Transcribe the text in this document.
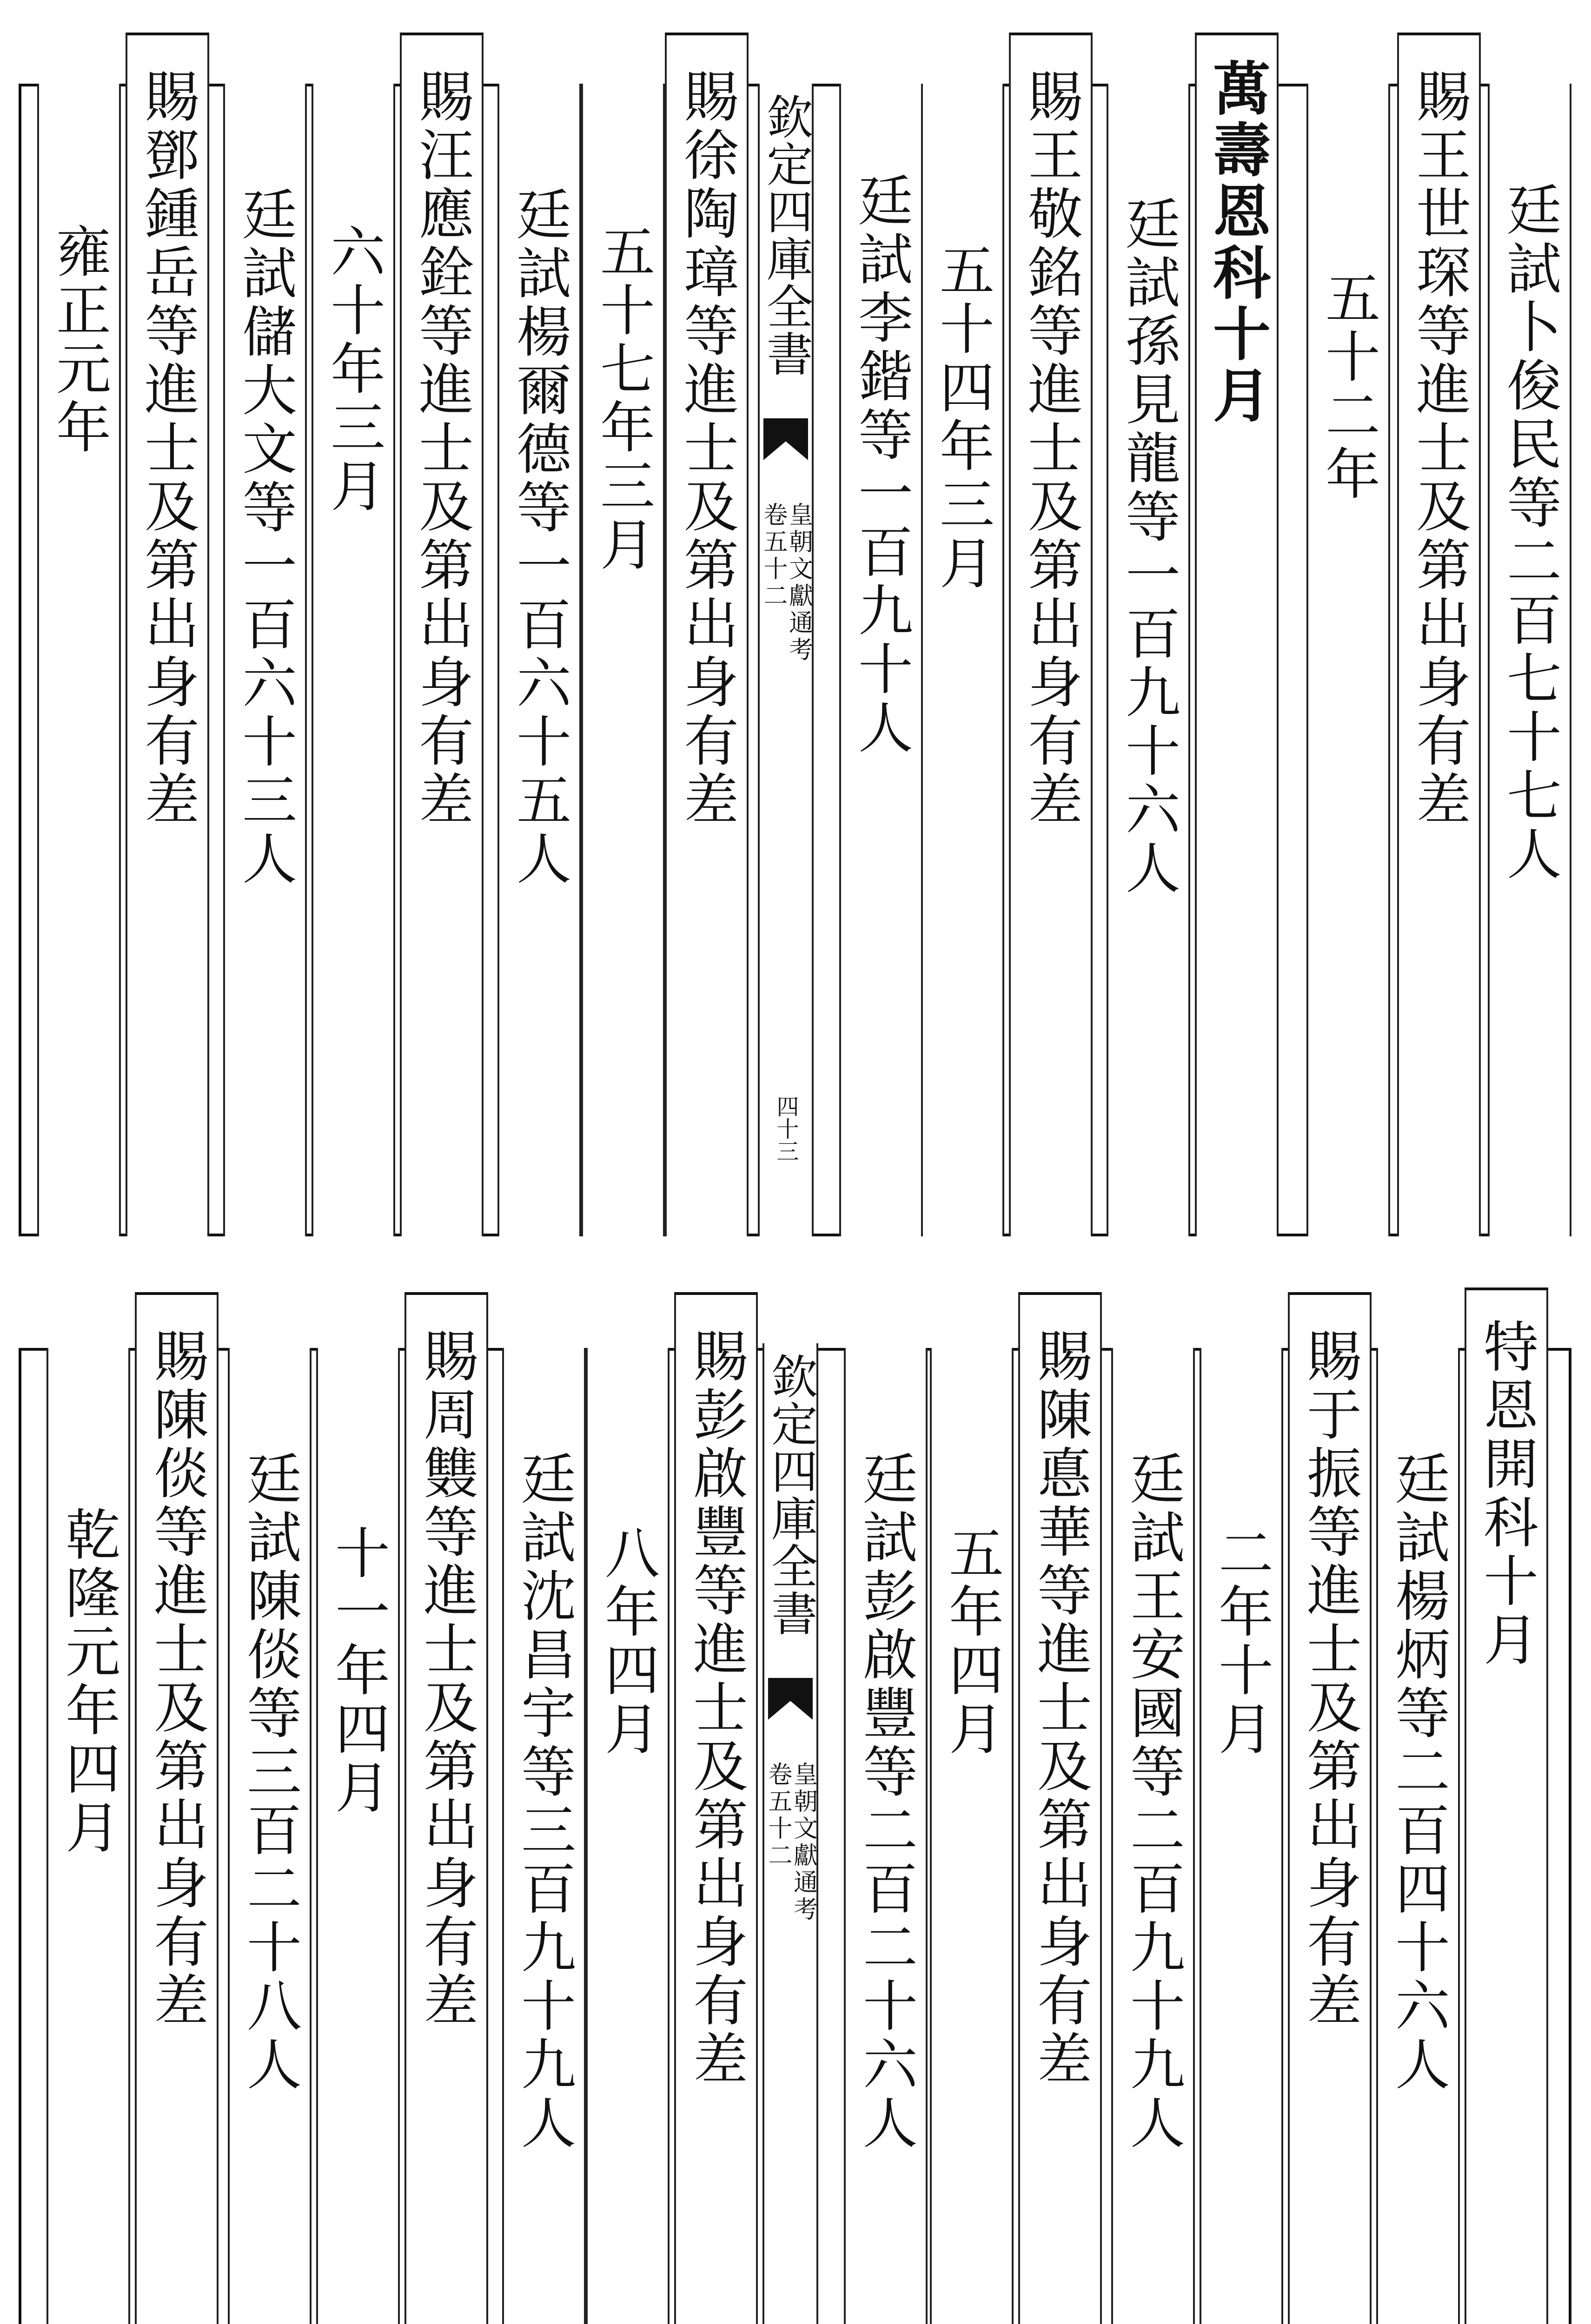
廷試卜俊民等二百七十七人
賜王世琛等進士及第出身有差
五十二年
萬壽恩科十月
廷試孫見龍等一百九十六人
賜王敬銘等進士及第出身有差
五十四年三月
欽定四庫全書
皇朝文獻通考
卷五十二
四十三
廷試李鍇等一百九十人
賜徐陶璋等進士及第出身有差
五十七年三月
廷試楊爾德等一百六十五人
賜汪應銓等進士及第出身有差
六十年三月
廷試儲大文等一百六十三人
賜鄧鍾岳等進士及第出身有差
雍正元年
特恩開科十月
廷試楊炳等二百四十六人
賜于振等進士及第出身有差
二年十月
廷試王安國等二百九十九人
賜陳悳華等進士及第出身有差
五年四月
欽定四庫全書
皇朝文獻通考
卷五十二	廷試彭啟豐等二百二十六人
賜彭啟豐等進士及第出身有差
八年四月
廷試沈昌宇等三百九十九人
賜周䨇等進士及第出身有差
十一年四月
廷試陳倓等三百二十八人
賜陳倓等進士及第出身有差
乾隆元年四月
